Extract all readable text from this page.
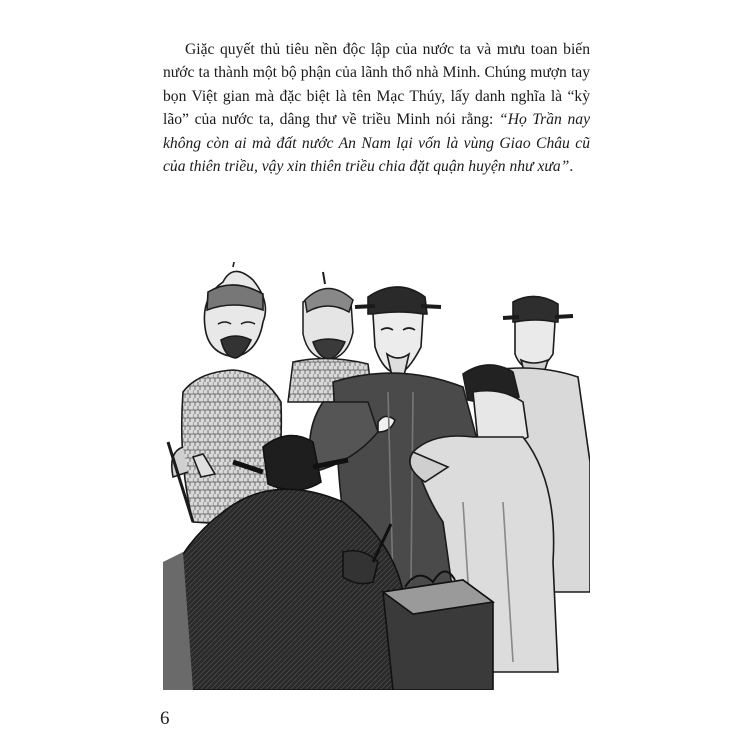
Giặc quyết thủ tiêu nền độc lập của nước ta và mưu toan biến nước ta thành một bộ phận của lãnh thổ nhà Minh. Chúng mượn tay bọn Việt gian mà đặc biệt là tên Mạc Thúy, lấy danh nghĩa là “kỳ lão” của nước ta, dâng thư về triều Minh nói rằng: “Họ Trần nay không còn ai mà đất nước An Nam lại vốn là vùng Giao Châu cũ của thiên triều, vậy xin thiên triều chia đặt quận huyện như xưa”.

6
